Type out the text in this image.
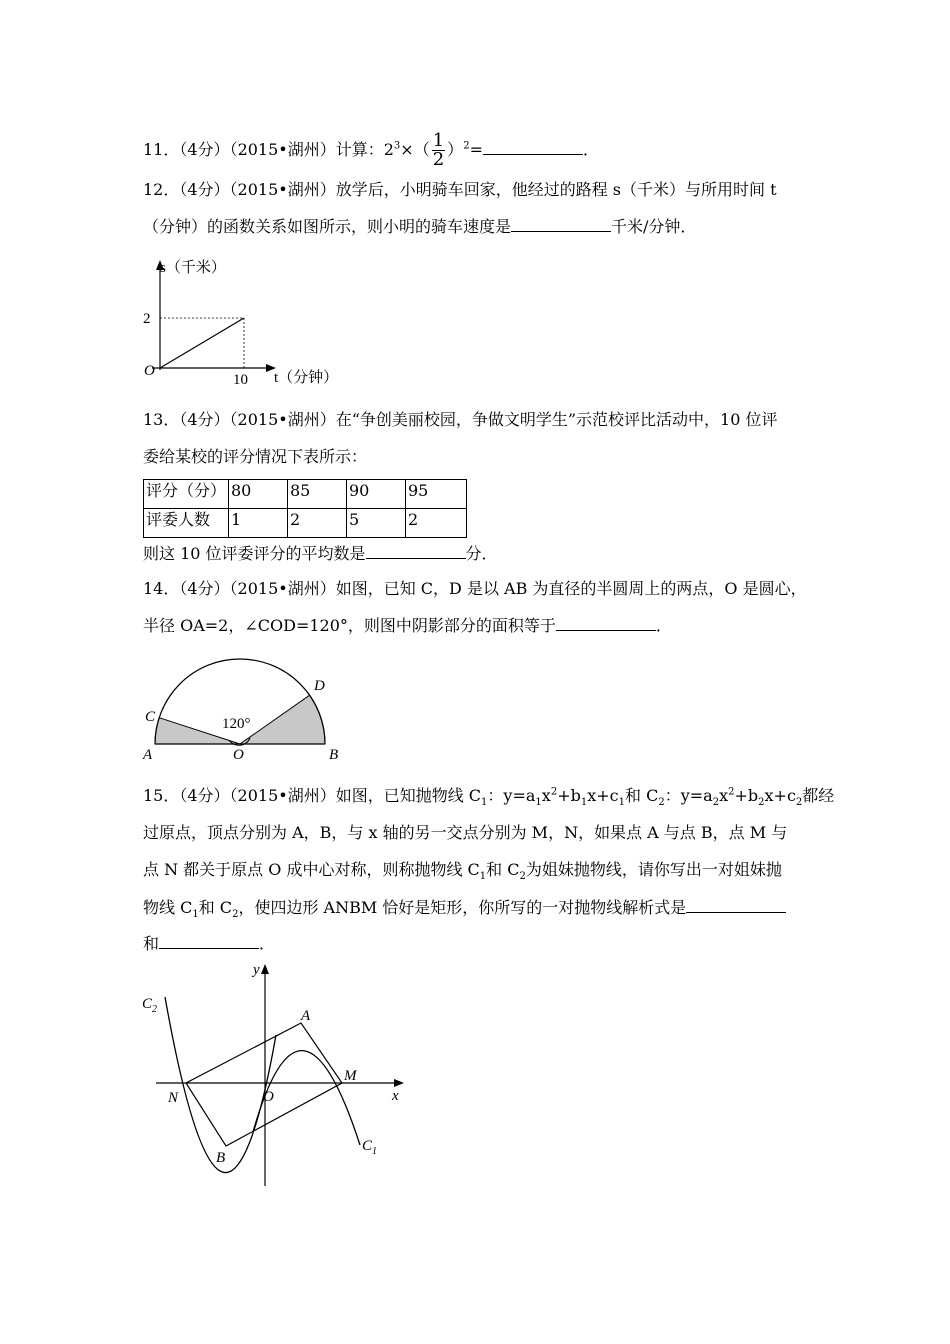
11．（4分）（2015•湖州）计算：$2^3\times( \frac{1}{2} )^2=$	．
12．（4分）（2015•湖州）放学后，小明骑车回家，他经过的路程 s（千米）与所用时间 t
（分钟）的函数关系如图所示，则小明的骑车速度是	千米/分钟．
s（千米）
2
O
10 t（分钟）
13．（4分）（2015•湖州）在“争创美丽校园，争做文明学生”示范校评比活动中，10 位评
委给某校的评分情况下表所示：
评分（分）	80	85	90	95
评委人数	1	2	5	2
则这 10 位评委评分的平均数是	分．
14．（4分）（2015•湖州）如图，已知 C，D 是以 AB 为直径的半圆周上的两点，O 是圆心，
半径 OA=2，∠COD=120°，则图中阴影部分的面积等于	．
120°
C
D
A	O	B
15．（4分）（2015•湖州）如图，已知抛物线 $C_1$：$y=a_1x^2+b_1x+c_1$和 $C_2$：$y=a_2x^2+b_2x+c_2$都经
过原点，顶点分别为 A，B，与 x 轴的另一交点分别为 M，N，如果点 A 与点 B，点 M 与
点 N 都关于原点 O 成中心对称，则称抛物线 $C_1$和 $C_2$为姐妹抛物线，请你写出一对姐妹抛
物线 $C_1$和 $C_2$，使四边形 ANBM 恰好是矩形，你所写的一对抛物线解析式是
和	．
y
x
O
A
B
M
N
$C_2$
$C_1$
